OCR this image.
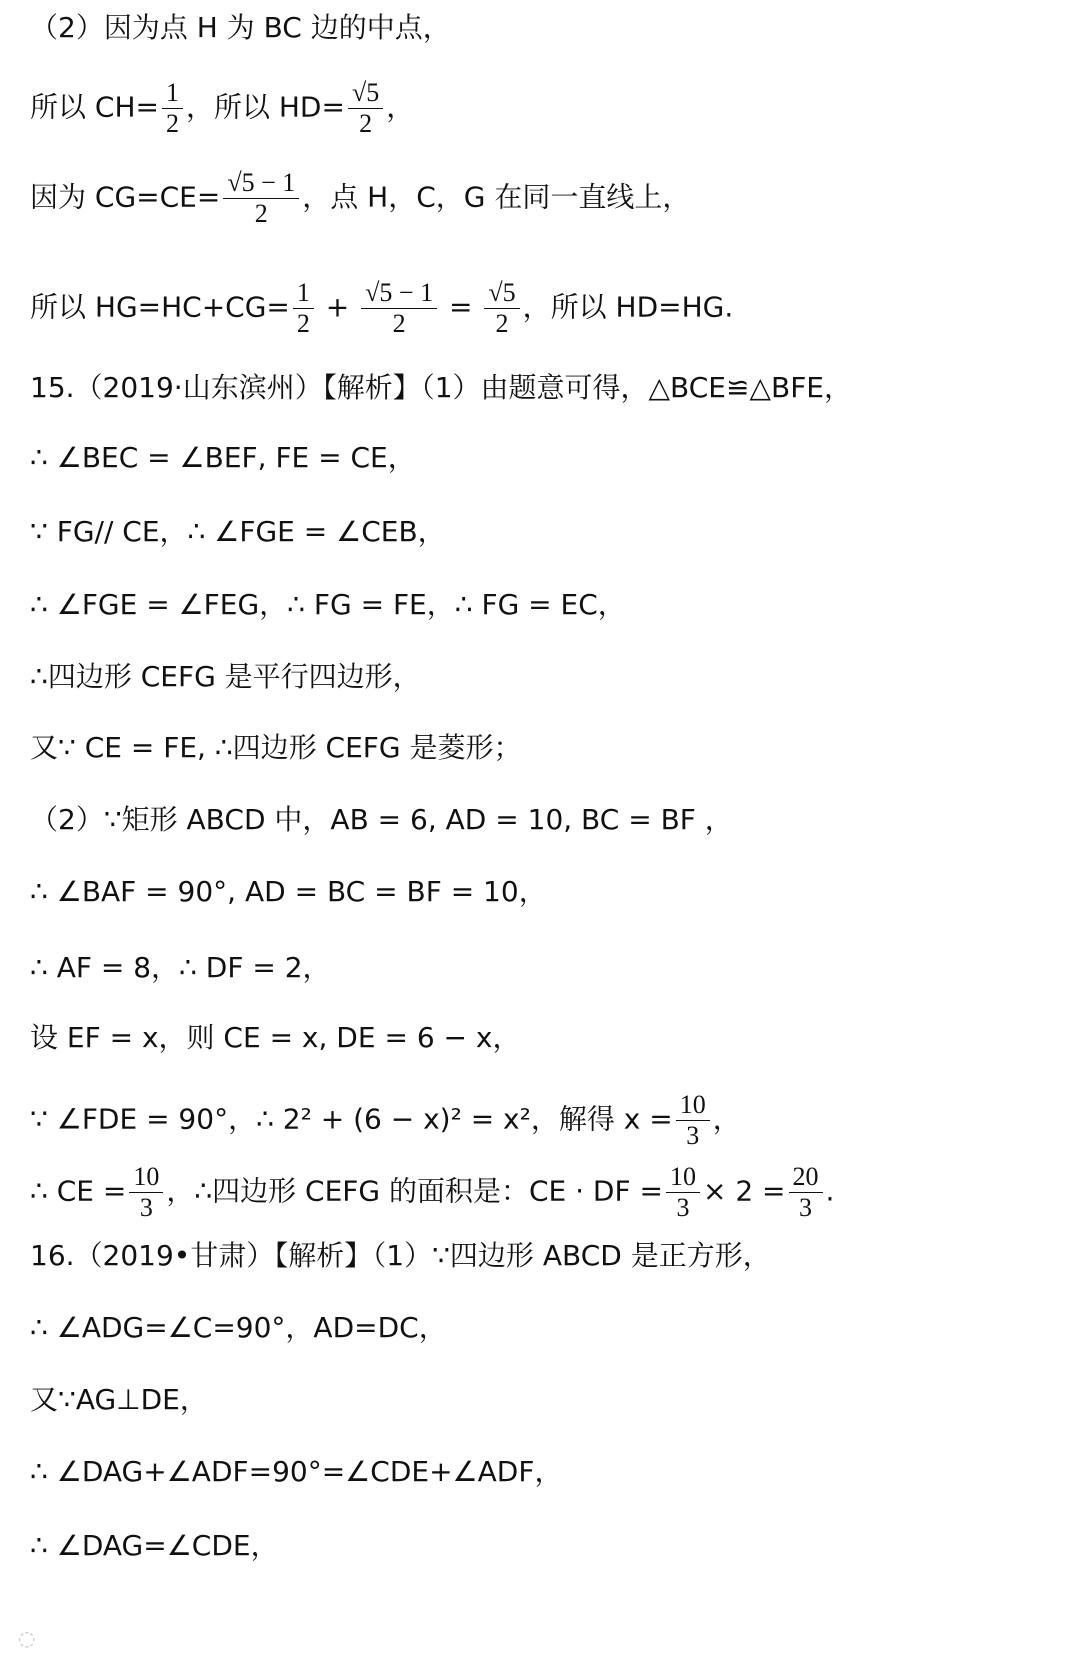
（2）因为点 H 为 BC 边的中点，
所以 $CH= \frac{1}{2}$ ，所以 $HD= \frac{√5}{2}$ ，
因为 $CG=CE= \frac{√5 - 1}{2}$ ，点 H，C，G 在同一直线上，
所以 $HG=HC+CG= \frac{1}{2} + \frac{√5 - 1}{2} = \frac{√5}{2}$ ，所以 HD=HG.
15.（2019·山东滨州）【解析】（1）由题意可得，△BCE≌△BFE，
∴ ∠BEC = ∠BEF, FE = CE，
∵ FG// CE，∴ ∠FGE = ∠CEB，
∴ ∠FGE = ∠FEG，∴ FG = FE，∴ FG = EC，
∴四边形 CEFG 是平行四边形，
又∵ CE = FE, ∴四边形 CEFG 是菱形；
（2）∵矩形 ABCD 中，AB = 6, AD = 10, BC = BF ，
∴ ∠BAF = 90°, AD = BC = BF = 10，
∴ AF = 8，∴ DF = 2，
设 EF = x，则 CE = x, DE = 6 − x，
∵ ∠FDE = 90°，∴ 2² + (6 − x)² = x²，解得 $x = \frac{10}{3}$ ，
∴ CE = $\frac{10}{3}$ ，∴四边形 CEFG 的面积是：CE · DF = $\frac{10}{3} \times 2 = \frac{20}{3}$ .
16.（2019•甘肃）【解析】（1）∵四边形 ABCD 是正方形，
∴ ∠ADG=∠C=90°，AD=DC，
又∵AG⊥DE，
∴ ∠DAG+∠ADF=90°=∠CDE+∠ADF，
∴ ∠DAG=∠CDE，
◌
